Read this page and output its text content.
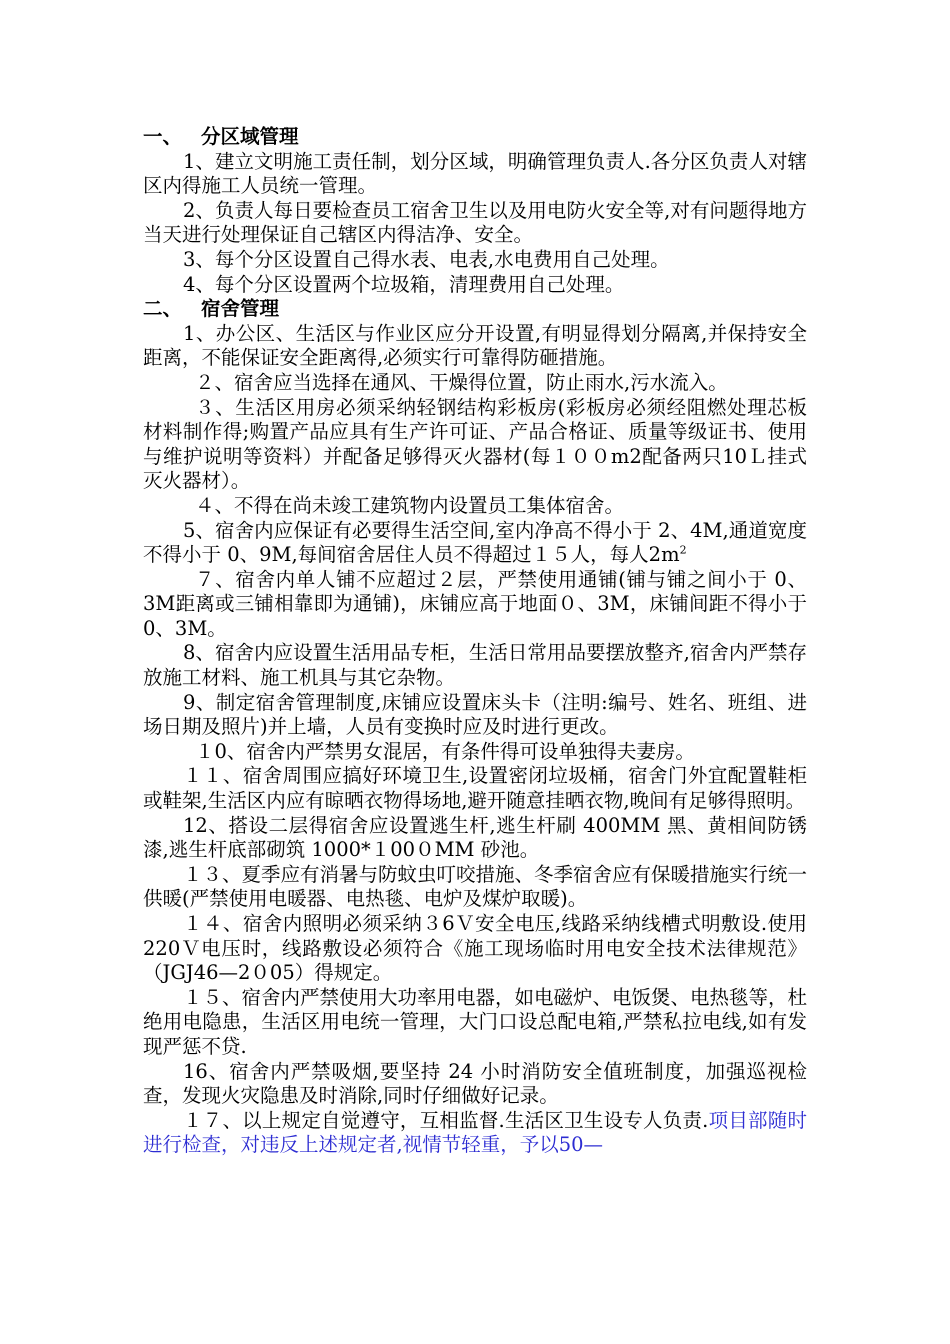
一、 分区域管理

1、建立文明施工责任制，划分区域，明确管理负责人.各分区负责人对辖区内得施工人员统一管理。

2、负责人每日要检查员工宿舍卫生以及用电防火安全等,对有问题得地方当天进行处理保证自己辖区内得洁净、安全。

3、每个分区设置自己得水表、电表,水电费用自己处理。

4、每个分区设置两个垃圾箱，清理费用自己处理。

二、 宿舍管理

1、办公区、生活区与作业区应分开设置,有明显得划分隔离,并保持安全距离，不能保证安全距离得,必须实行可靠得防砸措施。

２、宿舍应当选择在通风、干燥得位置，防止雨水,污水流入。

３、生活区用房必须采纳轻钢结构彩板房(彩板房必须经阻燃处理芯板材料制作得;购置产品应具有生产许可证、产品合格证、质量等级证书、使用与维护说明等资料）并配备足够得灭火器材(每１００m2配备两只10Ｌ挂式灭火器材）。

４、不得在尚未竣工建筑物内设置员工集体宿舍。

5、宿舍内应保证有必要得生活空间,室内净高不得小于 2、4M,通道宽度不得小于 0、9M,每间宿舍居住人员不得超过１５人，每人$2m^2$

７、宿舍内单人铺不应超过２层，严禁使用通铺(铺与铺之间小于 0、3M距离或三铺相靠即为通铺)，床铺应高于地面０、3M，床铺间距不得小于 0、3M。

8、宿舍内应设置生活用品专柜，生活日常用品要摆放整齐,宿舍内严禁存放施工材料、施工机具与其它杂物。

9、制定宿舍管理制度,床铺应设置床头卡（注明:编号、姓名、班组、进场日期及照片)并上墙，人员有变换时应及时进行更改。

１0、宿舍内严禁男女混居，有条件得可设单独得夫妻房。

１１、宿舍周围应搞好环境卫生,设置密闭垃圾桶，宿舍门外宜配置鞋柜或鞋架,生活区内应有晾晒衣物得场地,避开随意挂晒衣物,晚间有足够得照明。

12、搭设二层得宿舍应设置逃生杆,逃生杆刷 400MM 黑、黄相间防锈漆,逃生杆底部砌筑 1000*１00０MM 砂池。

１３、夏季应有消暑与防蚊虫叮咬措施、冬季宿舍应有保暖措施实行统一供暖(严禁使用电暖器、电热毯、电炉及煤炉取暖)。

１４、宿舍内照明必须采纳３6Ｖ安全电压,线路采纳线槽式明敷设.使用 220Ｖ电压时，线路敷设必须符合《施工现场临时用电安全技术法律规范》（JGJ46—2０05）得规定。

１５、宿舍内严禁使用大功率用电器，如电磁炉、电饭煲、电热毯等，杜绝用电隐患，生活区用电统一管理，大门口设总配电箱,严禁私拉电线,如有发现严惩不贷.

16、宿舍内严禁吸烟,要坚持 24 小时消防安全值班制度，加强巡视检查，发现火灾隐患及时消除,同时仔细做好记录。

１７、以上规定自觉遵守，互相监督.生活区卫生设专人负责.项目部随时进行检查，对违反上述规定者,视情节轻重，予以50—
